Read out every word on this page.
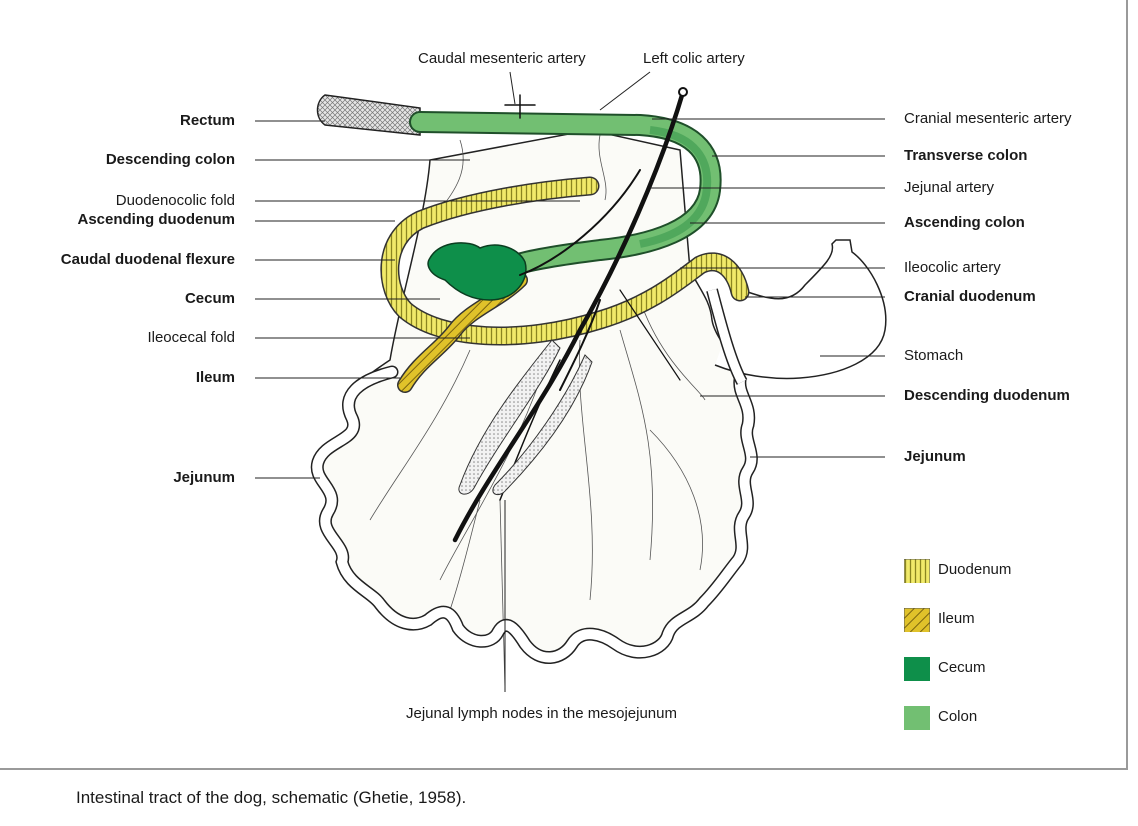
Rectum
Descending colon
Duodenocolic fold
Ascending duodenum
Caudal duodenal flexure
Cecum
Ileocecal fold
Ileum
Jejunum
Cranial mesenteric artery
Transverse colon
Jejunal artery
Ascending colon
Ileocolic artery
Cranial duodenum
Stomach
Descending duodenum
Jejunum
Caudal mesenteric artery	Left colic artery
Jejunal lymph nodes in the mesojejunum
Duodenum
Ileum
Cecum
Colon
Intestinal tract of the dog, schematic (Ghetie, 1958).
